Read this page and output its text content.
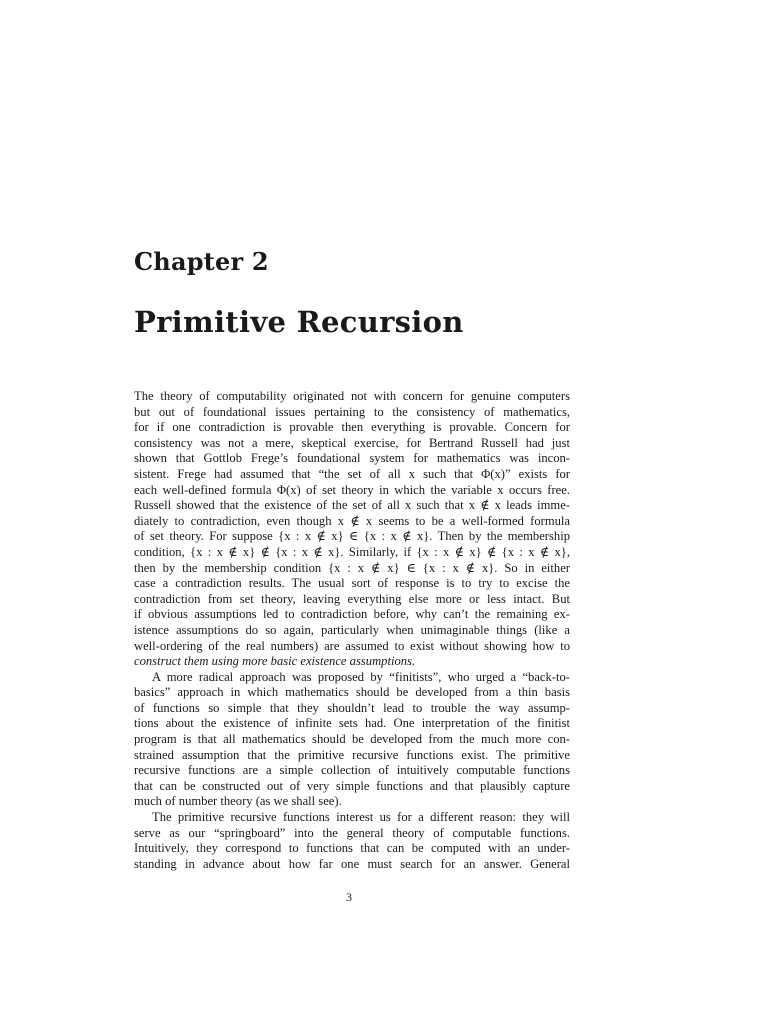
Chapter 2
Primitive Recursion
The theory of computability originated not with concern for genuine computers
but out of foundational issues pertaining to the consistency of mathematics,
for if one contradiction is provable then everything is provable. Concern for
consistency was not a mere, skeptical exercise, for Bertrand Russell had just
shown that Gottlob Frege’s foundational system for mathematics was incon-
sistent. Frege had assumed that “the set of all x such that Φ(x)” exists for
each well-defined formula Φ(x) of set theory in which the variable x occurs free.
Russell showed that the existence of the set of all x such that x ∉ x leads imme-
diately to contradiction, even though x ∉ x seems to be a well-formed formula
of set theory. For suppose {x : x ∉ x} ∈ {x : x ∉ x}. Then by the membership
condition, {x : x ∉ x} ∉ {x : x ∉ x}. Similarly, if {x : x ∉ x} ∉ {x : x ∉ x},
then by the membership condition {x : x ∉ x} ∈ {x : x ∉ x}. So in either
case a contradiction results. The usual sort of response is to try to excise the
contradiction from set theory, leaving everything else more or less intact. But
if obvious assumptions led to contradiction before, why can’t the remaining ex-
istence assumptions do so again, particularly when unimaginable things (like a
well-ordering of the real numbers) are assumed to exist without showing how to
construct them using more basic existence assumptions.
A more radical approach was proposed by “finitists”, who urged a “back-to-
basics” approach in which mathematics should be developed from a thin basis
of functions so simple that they shouldn’t lead to trouble the way assump-
tions about the existence of infinite sets had. One interpretation of the finitist
program is that all mathematics should be developed from the much more con-
strained assumption that the primitive recursive functions exist. The primitive
recursive functions are a simple collection of intuitively computable functions
that can be constructed out of very simple functions and that plausibly capture
much of number theory (as we shall see).
The primitive recursive functions interest us for a different reason: they will
serve as our “springboard” into the general theory of computable functions.
Intuitively, they correspond to functions that can be computed with an under-
standing in advance about how far one must search for an answer. General
3
